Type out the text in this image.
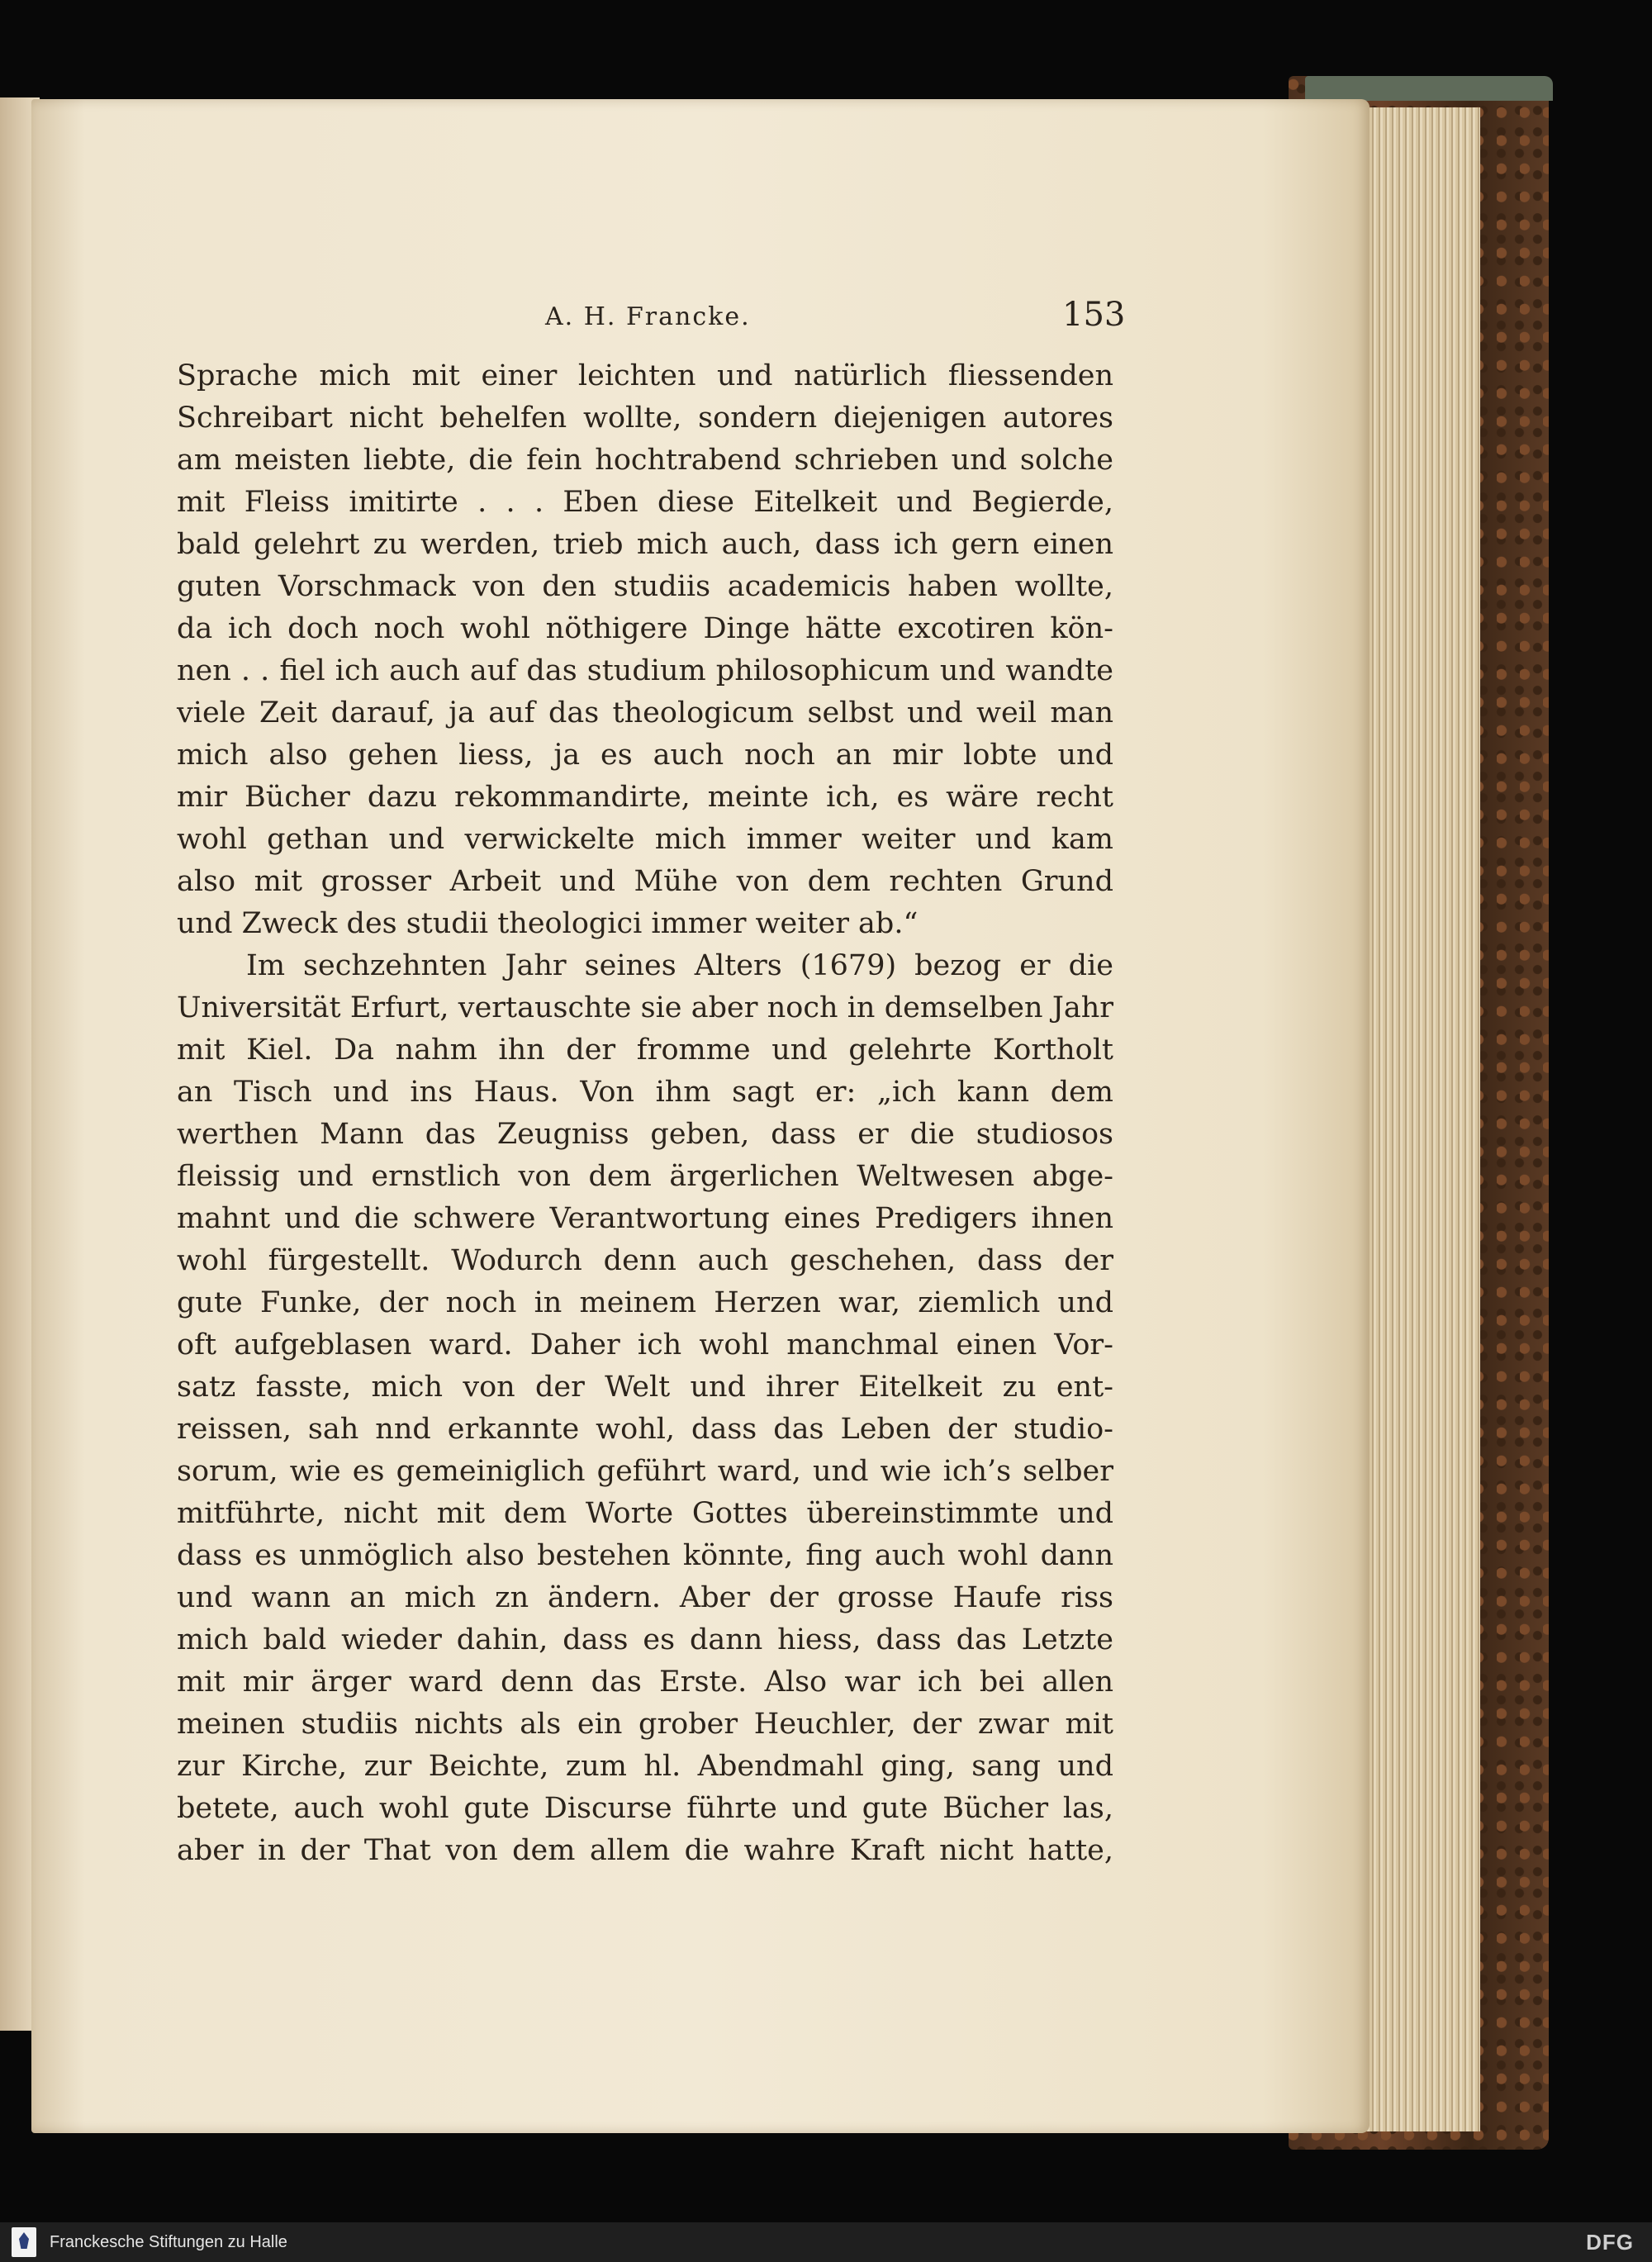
A. H. Francke.	153
Sprache mich mit einer leichten und natürlich fliessenden
Schreibart nicht behelfen wollte, sondern diejenigen autores
am meisten liebte, die fein hochtrabend schrieben und solche
mit Fleiss imitirte . . . Eben diese Eitelkeit und Begierde,
bald gelehrt zu werden, trieb mich auch, dass ich gern einen
guten Vorschmack von den studiis academicis haben wollte,
da ich doch noch wohl nöthigere Dinge hätte excotiren kön-
nen . . fiel ich auch auf das studium philosophicum und wandte
viele Zeit darauf, ja auf das theologicum selbst und weil man
mich also gehen liess, ja es auch noch an mir lobte und
mir Bücher dazu rekommandirte, meinte ich, es wäre recht
wohl gethan und verwickelte mich immer weiter und kam
also mit grosser Arbeit und Mühe von dem rechten Grund
und Zweck des studii theologici immer weiter ab.“
Im sechzehnten Jahr seines Alters (1679) bezog er die
Universität Erfurt, vertauschte sie aber noch in demselben Jahr
mit Kiel. Da nahm ihn der fromme und gelehrte Kortholt
an Tisch und ins Haus. Von ihm sagt er: „ich kann dem
werthen Mann das Zeugniss geben, dass er die studiosos
fleissig und ernstlich von dem ärgerlichen Weltwesen abge-
mahnt und die schwere Verantwortung eines Predigers ihnen
wohl fürgestellt. Wodurch denn auch geschehen, dass der
gute Funke, der noch in meinem Herzen war, ziemlich und
oft aufgeblasen ward. Daher ich wohl manchmal einen Vor-
satz fasste, mich von der Welt und ihrer Eitelkeit zu ent-
reissen, sah nnd erkannte wohl, dass das Leben der studio-
sorum, wie es gemeiniglich geführt ward, und wie ich’s selber
mitführte, nicht mit dem Worte Gottes übereinstimmte und
dass es unmöglich also bestehen könnte, fing auch wohl dann
und wann an mich zn ändern. Aber der grosse Haufe riss
mich bald wieder dahin, dass es dann hiess, dass das Letzte
mit mir ärger ward denn das Erste. Also war ich bei allen
meinen studiis nichts als ein grober Heuchler, der zwar mit
zur Kirche, zur Beichte, zum hl. Abendmahl ging, sang und
betete, auch wohl gute Discurse führte und gute Bücher las,
aber in der That von dem allem die wahre Kraft nicht hatte,
Franckesche Stiftungen zu Halle	DFG
